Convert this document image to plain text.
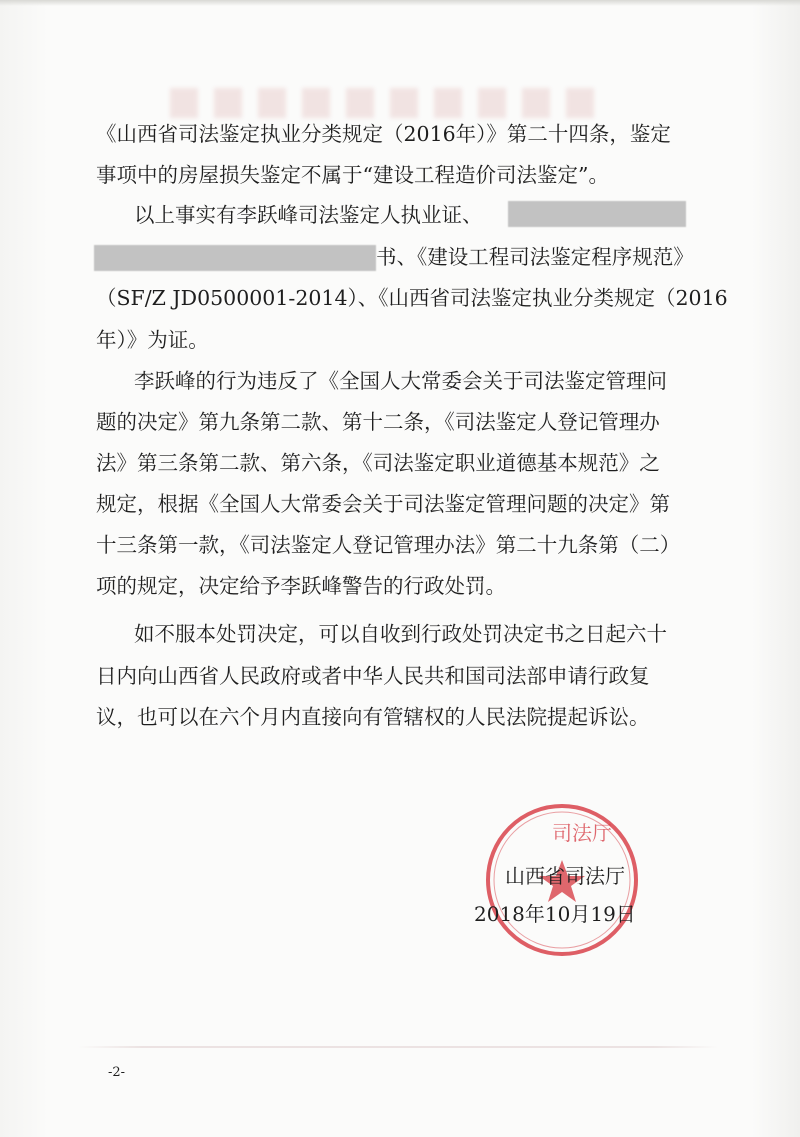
《山西省司法鉴定执业分类规定（2016年）》第二十四条，鉴定
事项中的房屋损失鉴定不属于“建设工程造价司法鉴定”。
以上事实有李跃峰司法鉴定人执业证、
书、《建设工程司法鉴定程序规范》
（SF/Z JD0500001-2014）、《山西省司法鉴定执业分类规定（2016
年）》为证。
李跃峰的行为违反了《全国人大常委会关于司法鉴定管理问
题的决定》第九条第二款、第十二条，《司法鉴定人登记管理办
法》第三条第二款、第六条，《司法鉴定职业道德基本规范》之
规定，根据《全国人大常委会关于司法鉴定管理问题的决定》第
十三条第一款，《司法鉴定人登记管理办法》第二十九条第（二）
项的规定，决定给予李跃峰警告的行政处罚。
如不服本处罚决定，可以自收到行政处罚决定书之日起六十
日内向山西省人民政府或者中华人民共和国司法部申请行政复
议，也可以在六个月内直接向有管辖权的人民法院提起诉讼。
司法厅
山西省司法厅
2018年10月19日
-2-
